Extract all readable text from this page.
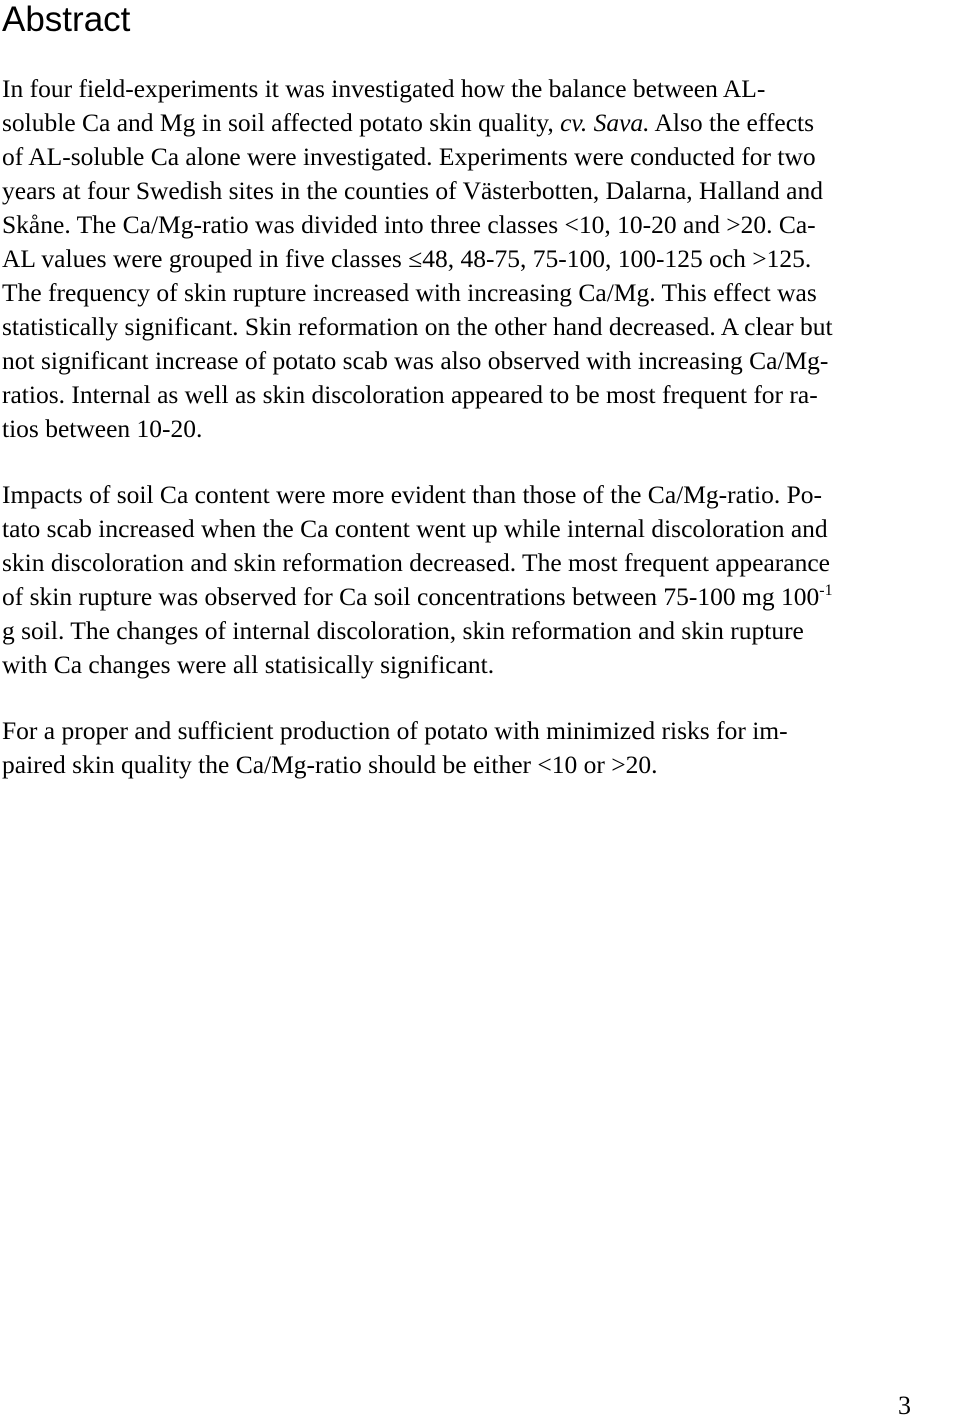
Abstract

In four field-experiments it was investigated how the balance between AL-
soluble Ca and Mg in soil affected potato skin quality, cv. Sava. Also the effects
of AL-soluble Ca alone were investigated. Experiments were conducted for two
years at four Swedish sites in the counties of Västerbotten, Dalarna, Halland and
Skåne. The Ca/Mg-ratio was divided into three classes <10, 10-20 and >20. Ca-
AL values were grouped in five classes ≤48, 48-75, 75-100, 100-125 och >125.
The frequency of skin rupture increased with increasing Ca/Mg. This effect was
statistically significant. Skin reformation on the other hand decreased. A clear but
not significant increase of potato scab was also observed with increasing Ca/Mg-
ratios. Internal as well as skin discoloration appeared to be most frequent for ra-
tios between 10-20.

Impacts of soil Ca content were more evident than those of the Ca/Mg-ratio. Po-
tato scab increased when the Ca content went up while internal discoloration and
skin discoloration and skin reformation decreased. The most frequent appearance
of skin rupture was observed for Ca soil concentrations between 75-100 mg $100^{-1}$
g soil. The changes of internal discoloration, skin reformation and skin rupture
with Ca changes were all statisically significant.

For a proper and sufficient production of potato with minimized risks for im-
paired skin quality the Ca/Mg-ratio should be either <10 or >20.

3
